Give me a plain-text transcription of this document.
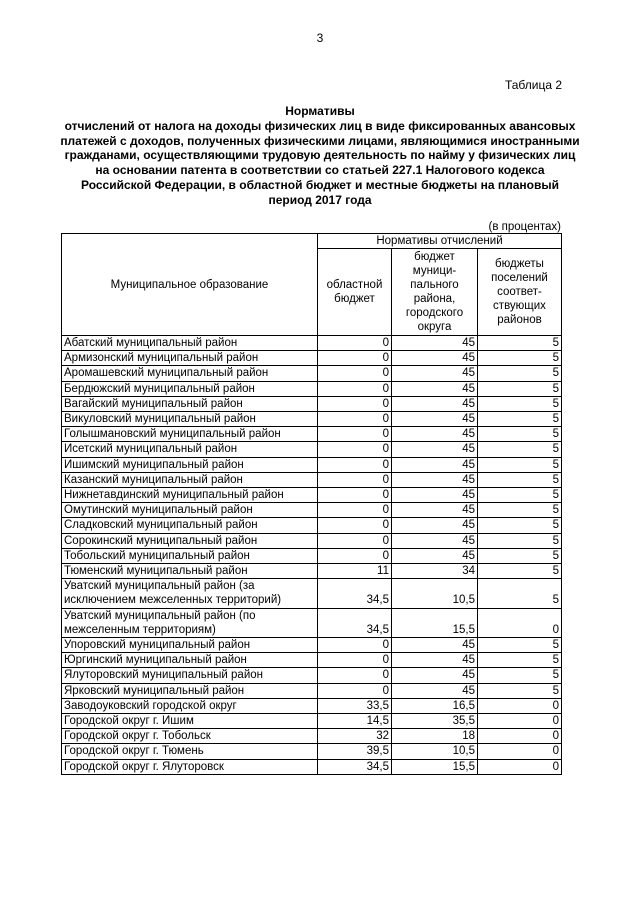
3
Таблица 2
Нормативы
отчислений от налога на доходы физических лиц в виде фиксированных авансовых платежей с доходов, полученных физическими лицами, являющимися иностранными гражданами, осуществляющими трудовую деятельность по найму у физических лиц на основании патента в соответствии со статьей 227.1 Налогового кодекса Российской Федерации, в областной бюджет и местные бюджеты на плановый период 2017 года
(в процентах)
Муниципальное образование	Нормативы отчислений		
	областной бюджет	бюджет муници-пального района, городского округа	бюджеты поселений соответ-ствующих районов
Абатский муниципальный район	0	45	5
Армизонский муниципальный район	0	45	5
Аромашевский муниципальный район	0	45	5
Бердюжский муниципальный район	0	45	5
Вагайский муниципальный район	0	45	5
Викуловский муниципальный район	0	45	5
Голышмановский муниципальный район	0	45	5
Исетский муниципальный район	0	45	5
Ишимский муниципальный район	0	45	5
Казанский муниципальный район	0	45	5
Нижнетавдинский муниципальный район	0	45	5
Омутинский муниципальный район	0	45	5
Сладковский муниципальный район	0	45	5
Сорокинский муниципальный район	0	45	5
Тобольский муниципальный район	0	45	5
Тюменский муниципальный район	11	34	5
Уватский муниципальный район (за исключением межселенных территорий)	34,5	10,5	5
Уватский муниципальный район (по межселенным территориям)	34,5	15,5	0
Упоровский муниципальный район	0	45	5
Юргинский муниципальный район	0	45	5
Ялуторовский муниципальный район	0	45	5
Ярковский муниципальный район	0	45	5
Заводоуковский городской округ	33,5	16,5	0
Городской округ г. Ишим	14,5	35,5	0
Городской округ г. Тобольск	32	18	0
Городской округ г. Тюмень	39,5	10,5	0
Городской округ г. Ялуторовск	34,5	15,5	0
